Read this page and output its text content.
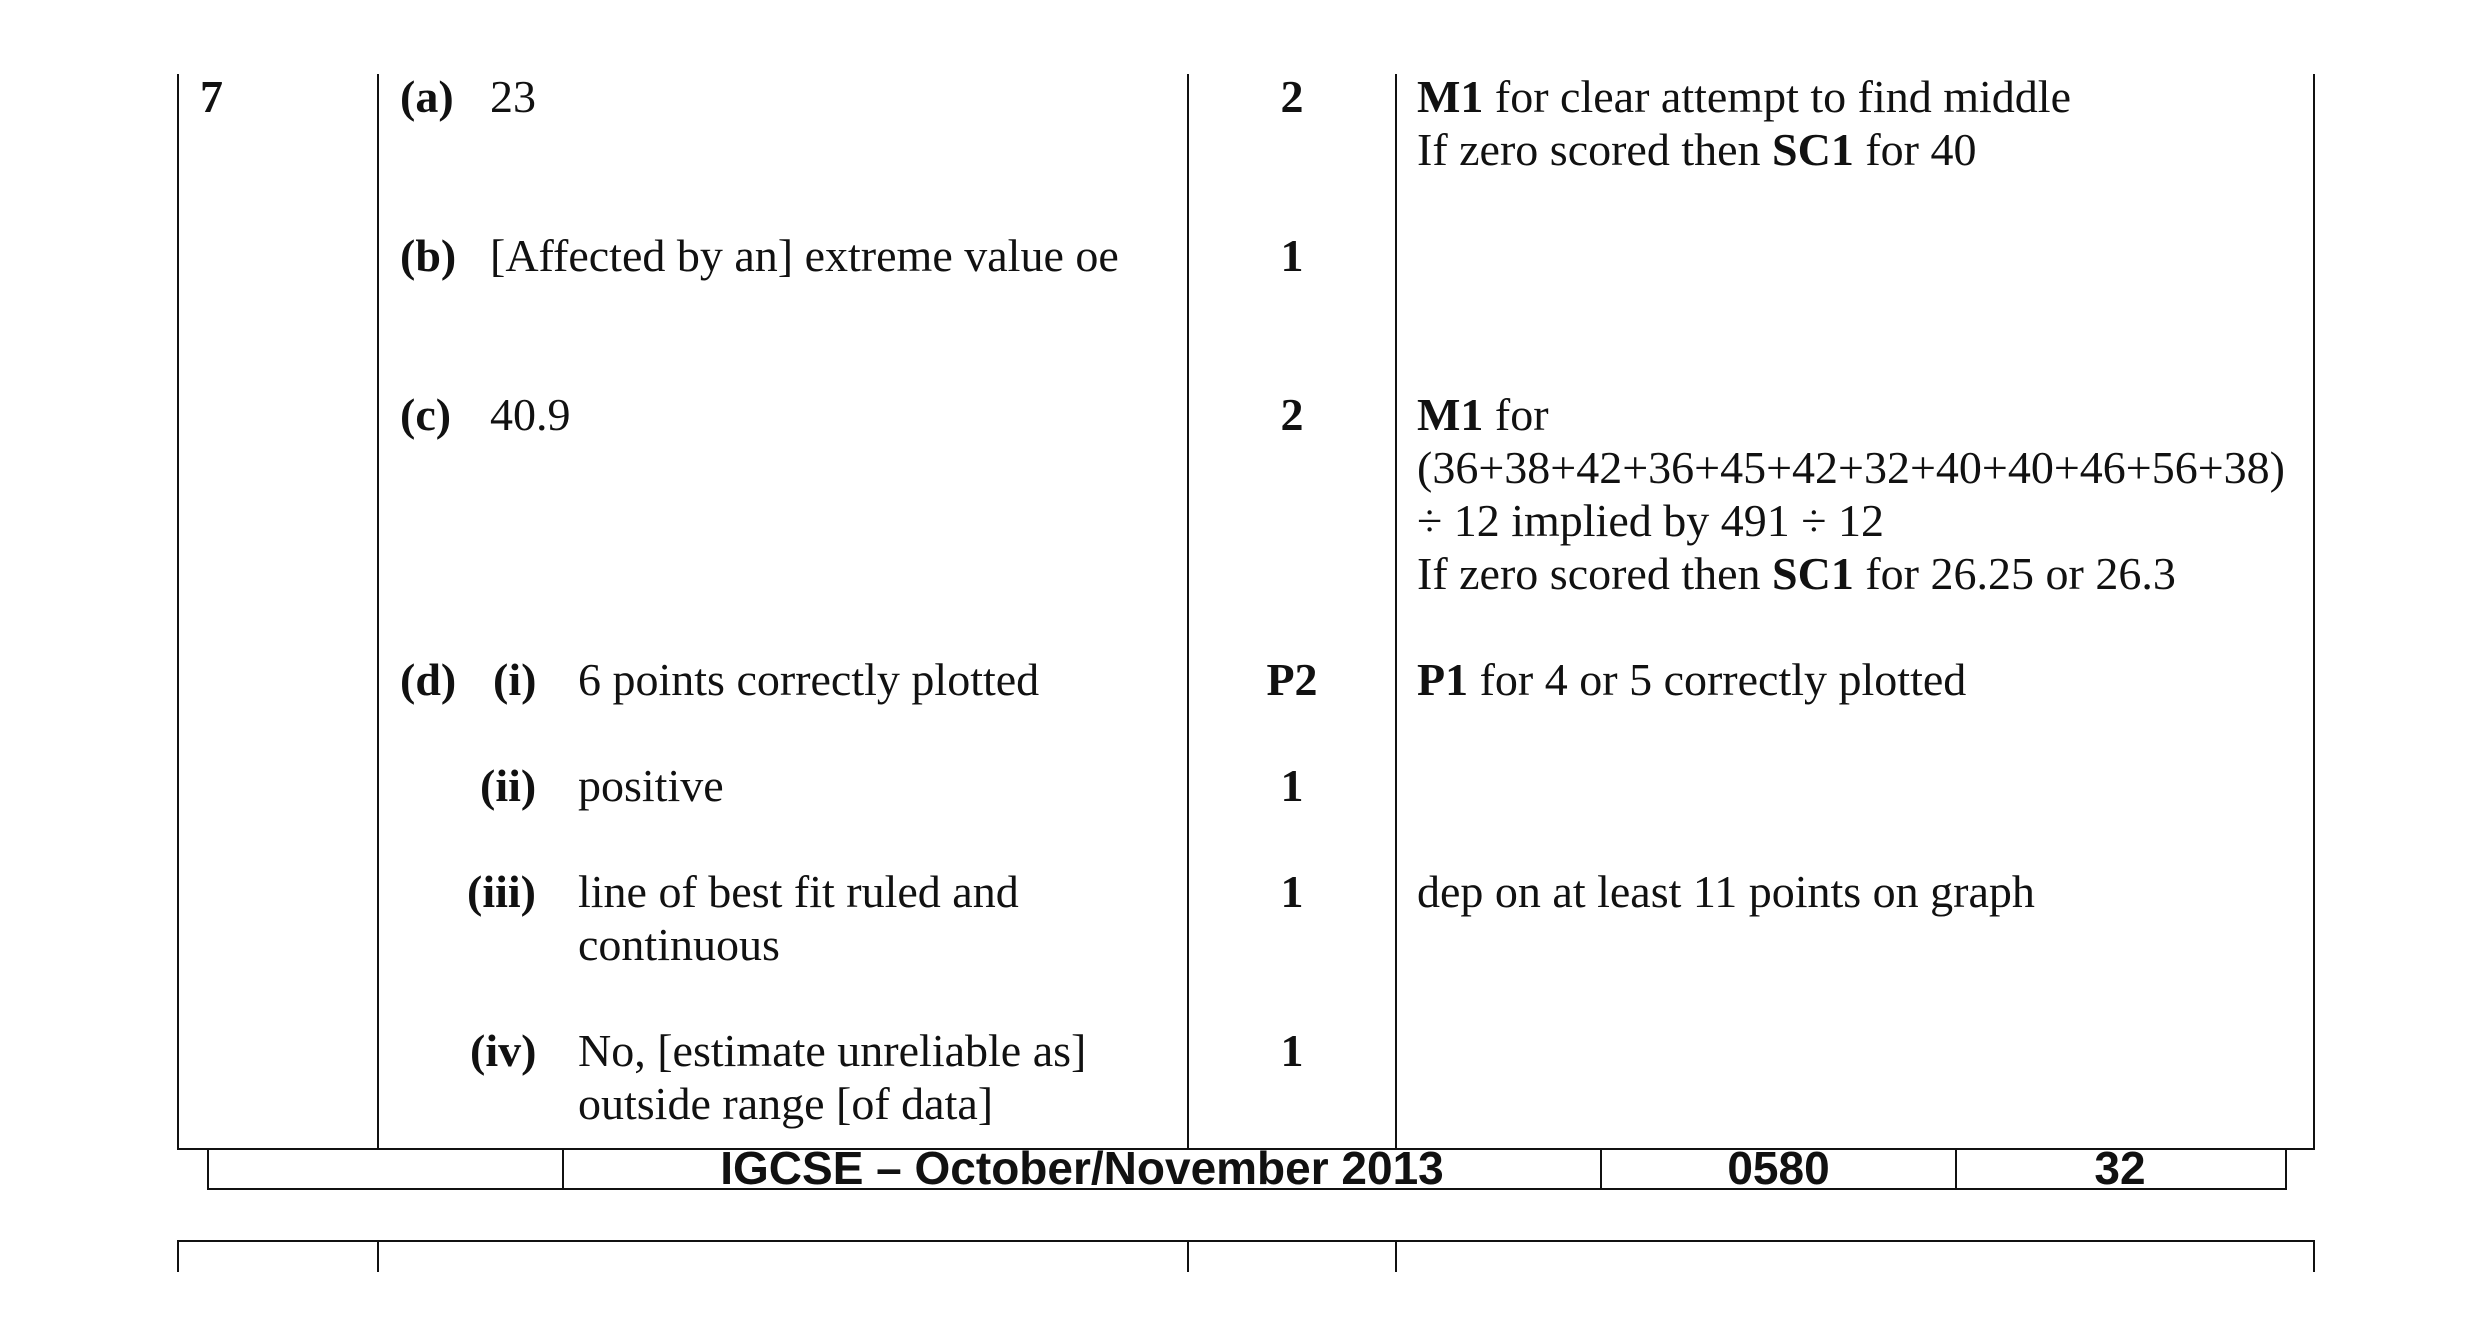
IGCSE – October/November 2013	0580	32
7	(a) 23	2	M1 for clear attempt to find middle
If zero scored then SC1 for 40
(b) [Affected by an] extreme value oe	1
(c) 40.9	2	M1 for
(36+38+42+36+45+42+32+40+40+46+56+38)
÷ 12 implied by 491 ÷ 12
If zero scored then SC1 for 26.25 or 26.3
(d) (i) 6 points correctly plotted	P2	P1 for 4 or 5 correctly plotted
(ii) positive	1
(iii) line of best fit ruled and
continuous
1	dep on at least 11 points on graph
(iv) No, [estimate unreliable as]
outside range [of data]
1
